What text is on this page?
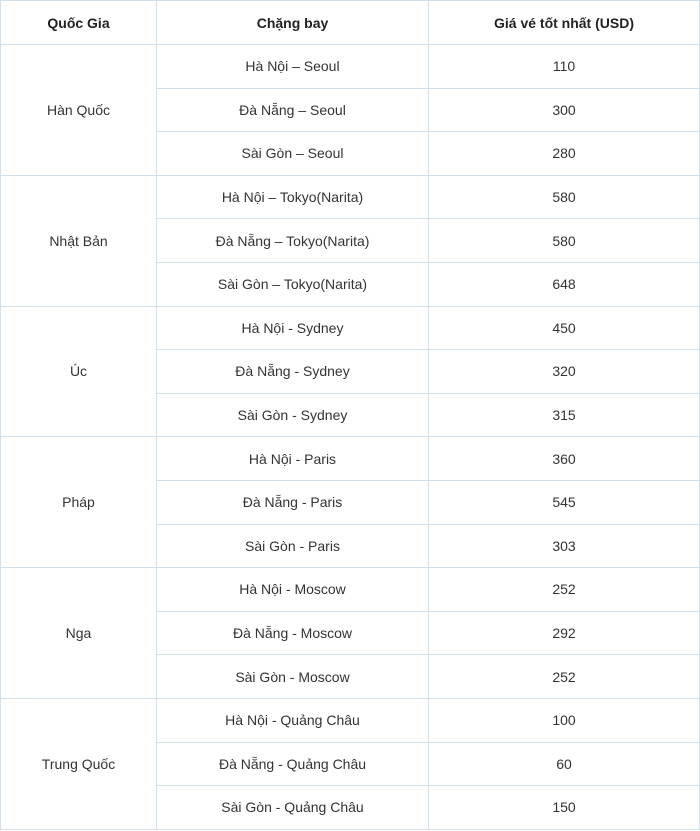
Quốc Gia	Chặng bay	Giá vé tốt nhất (USD)
Hàn Quốc	Hà Nội – Seoul	110
	Đà Nẵng – Seoul	300
	Sài Gòn – Seoul	280
Nhật Bản	Hà Nội – Tokyo(Narita)	580
	Đà Nẵng – Tokyo(Narita)	580
	Sài Gòn – Tokyo(Narita)	648
Úc	Hà Nội - Sydney	450
	Đà Nẵng - Sydney	320
	Sài Gòn - Sydney	315
Pháp	Hà Nội - Paris	360
	Đà Nẵng - Paris	545
	Sài Gòn - Paris	303
Nga	Hà Nội - Moscow	252
	Đà Nẵng - Moscow	292
	Sài Gòn - Moscow	252
Trung Quốc	Hà Nội - Quảng Châu	100
	Đà Nẵng - Quảng Châu	60
	Sài Gòn - Quảng Châu	150
